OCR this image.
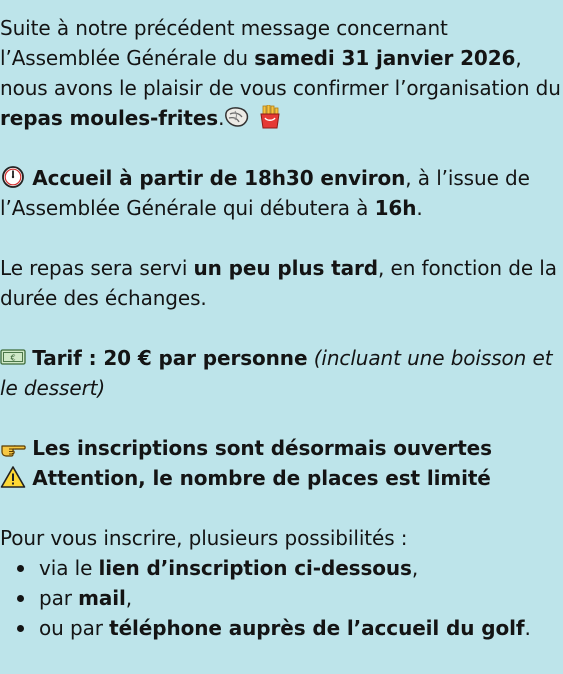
Suite à notre précédent message concernant l’Assemblée Générale du samedi 31 janvier 2026, nous avons le plaisir de vous confirmer l’organisation du repas moules-frites.

Accueil à partir de 18h30 environ, à l’issue de l’Assemblée Générale qui débutera à 16h.

Le repas sera servi un peu plus tard, en fonction de la durée des échanges.

€ Tarif : 20 € par personne (incluant une boisson et le dessert)

Les inscriptions sont désormais ouvertes

Attention, le nombre de places est limité

Pour vous inscrire, plusieurs possibilités :

via le lien d’inscription ci-dessous,
par mail,
ou par téléphone auprès de l’accueil du golf.
